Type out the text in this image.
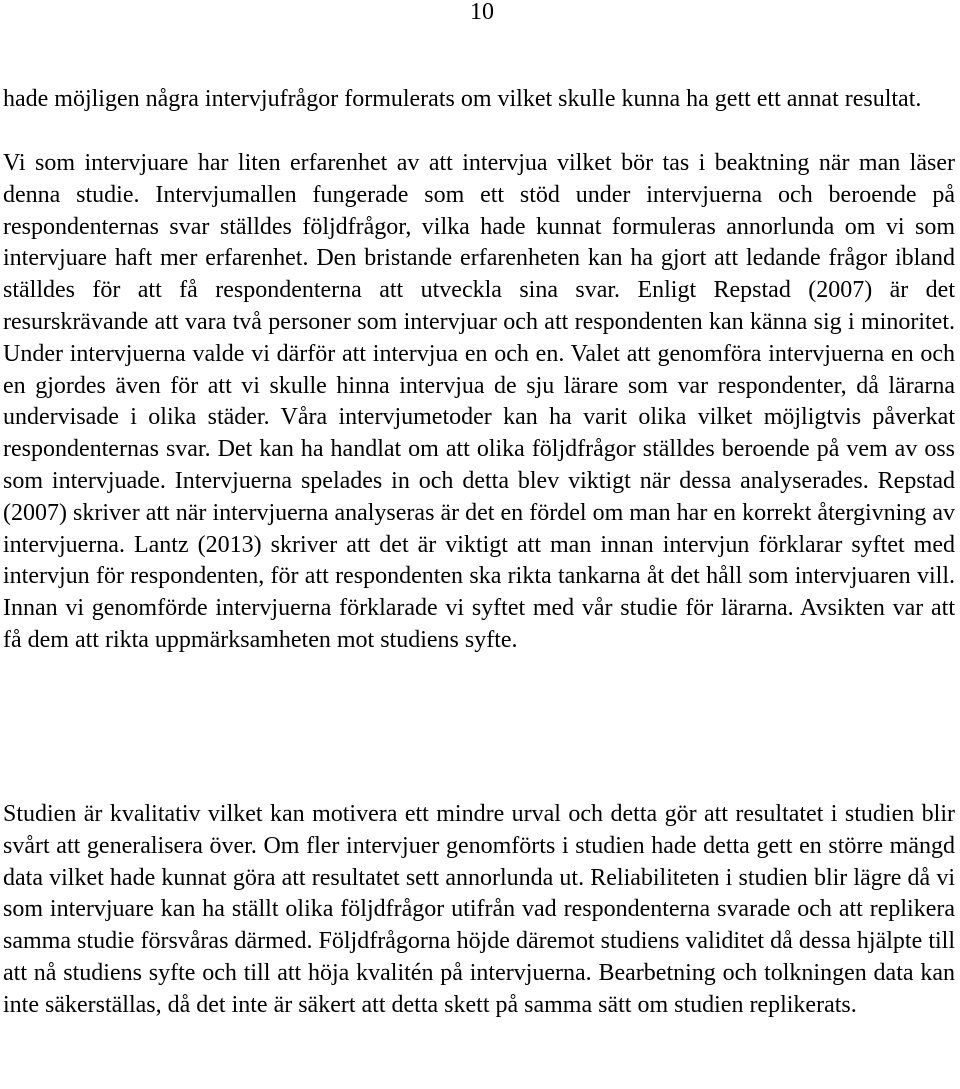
10

hade möjligen några intervjufrågor formulerats om vilket skulle kunna ha gett ett annat resultat.

Vi som intervjuare har liten erfarenhet av att intervjua vilket bör tas i beaktning när man läser denna studie. Intervjumallen fungerade som ett stöd under intervjuerna och beroende på respondenternas svar ställdes följdfrågor, vilka hade kunnat formuleras annorlunda om vi som intervjuare haft mer erfarenhet. Den bristande erfarenheten kan ha gjort att ledande frågor ibland ställdes för att få respondenterna att utveckla sina svar. Enligt Repstad (2007) är det resurskrävande att vara två personer som intervjuar och att respondenten kan känna sig i minoritet. Under intervjuerna valde vi därför att intervjua en och en. Valet att genomföra intervjuerna en och en gjordes även för att vi skulle hinna intervjua de sju lärare som var respondenter, då lärarna undervisade i olika städer. Våra intervjumetoder kan ha varit olika vilket möjligtvis påverkat respondenternas svar. Det kan ha handlat om att olika följdfrågor ställdes beroende på vem av oss som intervjuade. Intervjuerna spelades in och detta blev viktigt när dessa analyserades. Repstad (2007) skriver att när intervjuerna analyseras är det en fördel om man har en korrekt återgivning av intervjuerna. Lantz (2013) skriver att det är viktigt att man innan intervjun förklarar syftet med intervjun för respondenten, för att respondenten ska rikta tankarna åt det håll som intervjuaren vill. Innan vi genomförde intervjuerna förklarade vi syftet med vår studie för lärarna. Avsikten var att få dem att rikta uppmärksamheten mot studiens syfte.

Studien är kvalitativ vilket kan motivera ett mindre urval och detta gör att resultatet i studien blir svårt att generalisera över. Om fler intervjuer genomförts i studien hade detta gett en större mängd data vilket hade kunnat göra att resultatet sett annorlunda ut. Reliabiliteten i studien blir lägre då vi som intervjuare kan ha ställt olika följdfrågor utifrån vad respondenterna svarade och att replikera samma studie försvåras därmed. Följdfrågorna höjde däremot studiens validitet då dessa hjälpte till att nå studiens syfte och till att höja kvalitén på intervjuerna. Bearbetning och tolkningen data kan inte säkerställas, då det inte är säkert att detta skett på samma sätt om studien replikerats.
